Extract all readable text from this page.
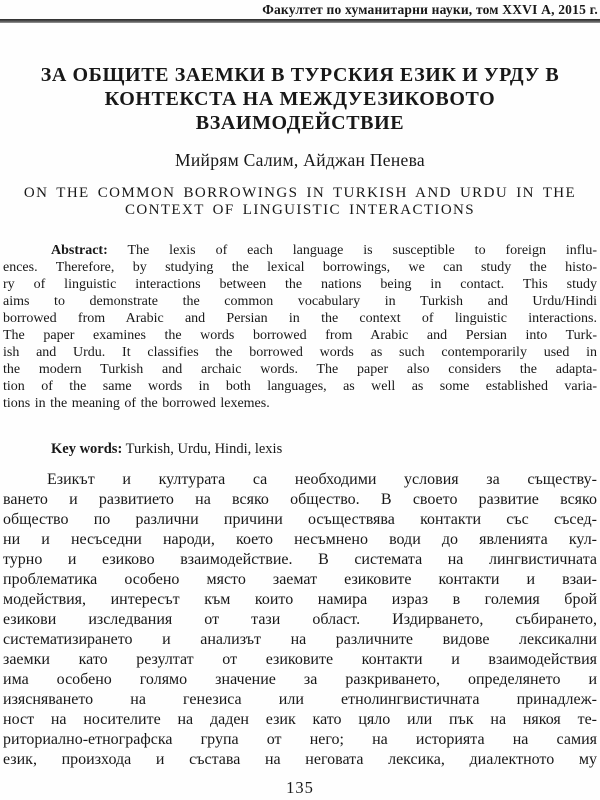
Факултет по хуманитарни науки, том XXVI А, 2015 г.
ЗА ОБЩИТЕ ЗАЕМКИ В ТУРСКИЯ ЕЗИК И УРДУ В
КОНТЕКСТА НА МЕЖДУЕЗИКОВОТО
ВЗАИМОДЕЙСТВИЕ
Мийрям Салим, Айджан Пенева
ON THE COMMON BORROWINGS IN TURKISH AND URDU IN THE
CONTEXT OF LINGUISTIC INTERACTIONS
Abstract: The lexis of each language is susceptible to foreign influ-
ences. Therefore, by studying the lexical borrowings, we can study the histo-
ry of linguistic interactions between the nations being in contact. This study
aims to demonstrate the common vocabulary in Turkish and Urdu/Hindi
borrowed from Arabic and Persian in the context of linguistic interactions.
The paper examines the words borrowed from Arabic and Persian into Turk-
ish and Urdu. It classifies the borrowed words as such contemporarily used in
the modern Turkish and archaic words. The paper also considers the adapta-
tion of the same words in both languages, as well as some established varia-
tions in the meaning of the borrowed lexemes.
Key words: Turkish, Urdu, Hindi, lexis
Езикът и културата са необходими условия за съществу-
ването и развитието на всяко общество. В своето развитие всяко
общество по различни причини осъществява контакти със съсед-
ни и несъседни народи, което несъмнено води до явленията кул-
турно и езиково взаимодействие. В системата на лингвистичната
проблематика особено място заемат езиковите контакти и взаи-
модействия, интересът към които намира израз в големия брой
езикови изследвания от тази област. Издирването, събирането,
систематизирането и анализът на различните видове лексикални
заемки като резултат от езиковите контакти и взаимодействия
има особено голямо значение за разкриването, определянето и
изясняването на генезиса или етнолингвистичната принадлеж-
ност на носителите на даден език като цяло или пък на някоя те-
риториално-етнографска група от него; на историята на самия
език, произхода и състава на неговата лексика, диалектното му
135
